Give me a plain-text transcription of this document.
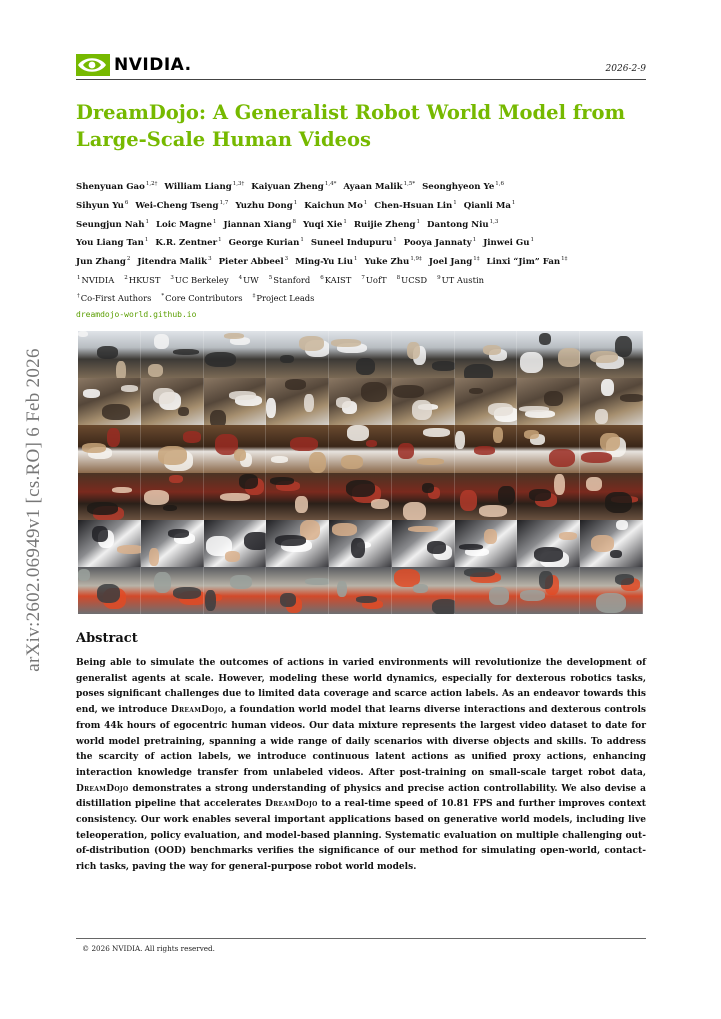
arXiv:2602.06949v1 [cs.RO] 6 Feb 2026
NVIDIA.	2026-2-9
DreamDojo: A Generalist Robot World Model from
Large-Scale Human Videos
Shenyuan Gao$^{1,2\dagger}$ William Liang$^{1,3\dagger}$ Kaiyuan Zheng$^{1,4*}$ Ayaan Malik$^{1,5*}$ Seonghyeon Ye$^{1,6}$
Sihyun Yu$^6$ Wei-Cheng Tseng$^{1,7}$ Yuzhu Dong$^1$ Kaichun Mo$^1$ Chen-Hsuan Lin$^1$ Qianli Ma$^1$
Seungjun Nah$^1$ Loic Magne$^1$ Jiannan Xiang$^8$ Yuqi Xie$^1$ Ruijie Zheng$^1$ Dantong Niu$^{1,3}$
You Liang Tan$^1$ K.R. Zentner$^1$ George Kurian$^1$ Suneel Indupuru$^1$ Pooya Jannaty$^1$ Jinwei Gu$^1$
Jun Zhang$^2$ Jitendra Malik$^3$ Pieter Abbeel$^3$ Ming-Yu Liu$^1$ Yuke Zhu$^{1,9\ddagger}$ Joel Jang$^{1\ddagger}$ Linxi “Jim” Fan$^{1\ddagger}$
$^1$NVIDIA $^2$HKUST $^3$UC Berkeley $^4$UW $^5$Stanford $^6$KAIST $^7$UofT $^8$UCSD $^9$UT Austin
†Co-First Authors *Core Contributors ‡Project Leads
dreamdojo-world.github.io
Abstract
Being able to simulate the outcomes of actions in varied environments will revolutionize the development of generalist agents at scale. However, modeling these world dynamics, especially for dexterous robotics tasks, poses significant challenges due to limited data coverage and scarce action labels. As an endeavor towards this end, we introduce DreamDojo, a foundation world model that learns diverse interactions and dexterous controls from 44k hours of egocentric human videos. Our data mixture represents the largest video dataset to date for world model pretraining, spanning a wide range of daily scenarios with diverse objects and skills. To address the scarcity of action labels, we introduce continuous latent actions as unified proxy actions, enhancing interaction knowledge transfer from unlabeled videos. After post-training on small-scale target robot data, DreamDojo demonstrates a strong understanding of physics and precise action controllability. We also devise a distillation pipeline that accelerates DreamDojo to a real-time speed of 10.81 FPS and further improves context consistency. Our work enables several important applications based on generative world models, including live teleoperation, policy evaluation, and model-based planning. Systematic evaluation on multiple challenging out-of-distribution (OOD) benchmarks verifies the significance of our method for simulating open-world, contact-rich tasks, paving the way for general-purpose robot world models.
© 2026 NVIDIA. All rights reserved.
